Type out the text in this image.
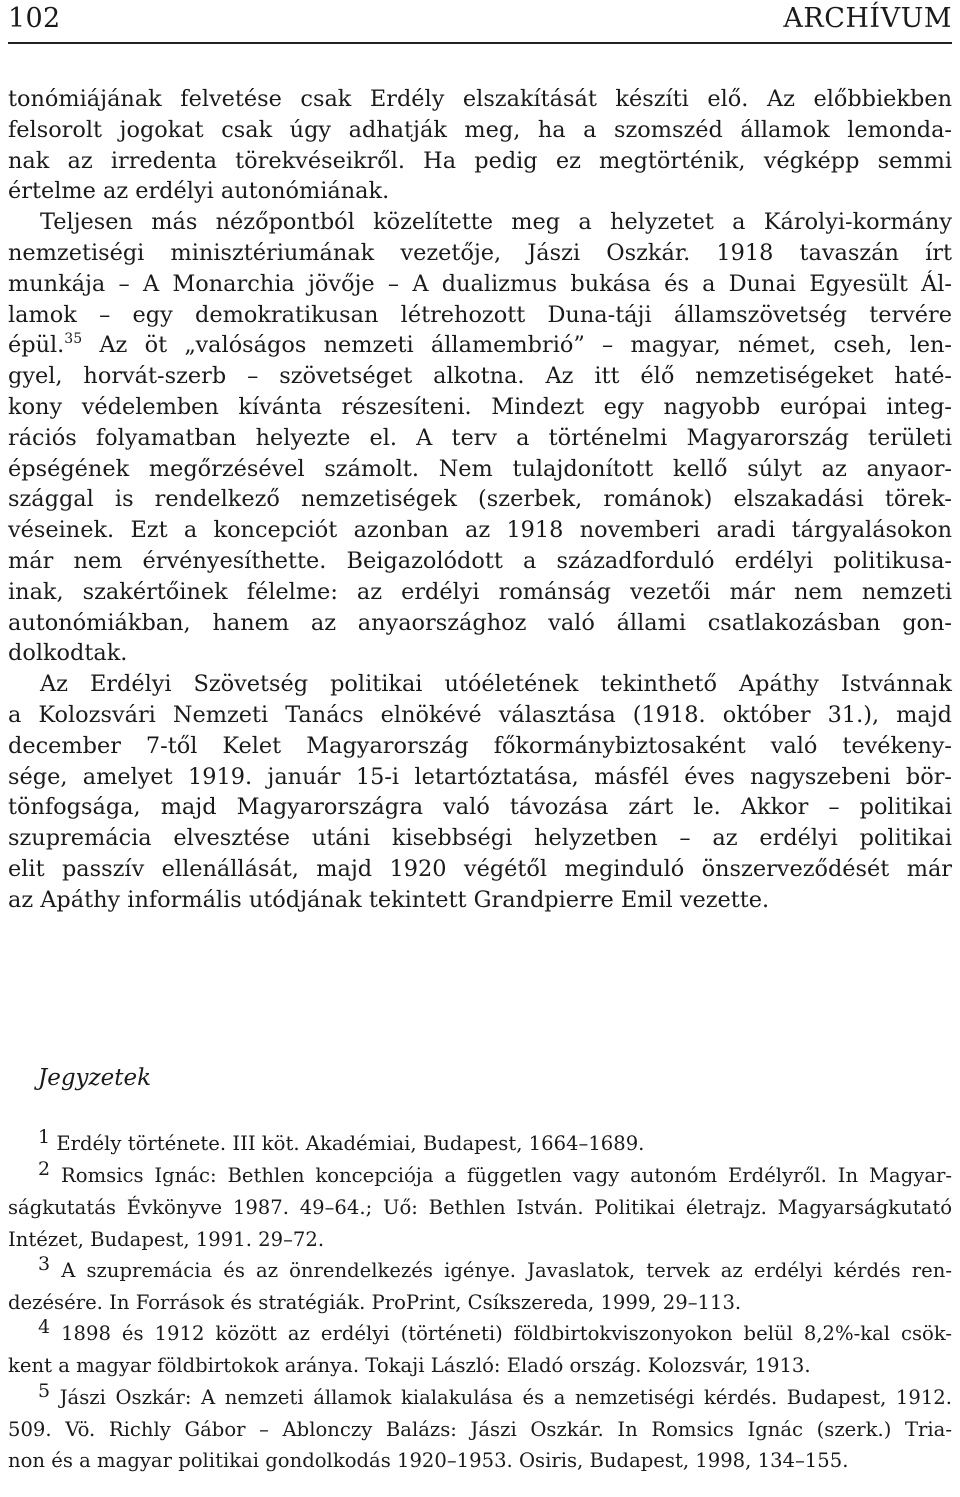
102	ARCHÍVUM
tonómiájának felvetése csak Erdély elszakítását készíti elő. Az előbbiekben
felsorolt jogokat csak úgy adhatják meg, ha a szomszéd államok lemonda-
nak az irredenta törekvéseikről. Ha pedig ez megtörténik, végképp semmi
értelme az erdélyi autonómiának.
Teljesen más nézőpontból közelítette meg a helyzetet a Károlyi-kormány
nemzetiségi minisztériumának vezetője, Jászi Oszkár. 1918 tavaszán írt
munkája – A Monarchia jövője – A dualizmus bukása és a Dunai Egyesült Ál-
lamok – egy demokratikusan létrehozott Duna-táji államszövetség tervére
épül.$^{35}$ Az öt „valóságos nemzeti államembrió” – magyar, német, cseh, len-
gyel, horvát-szerb – szövetséget alkotna. Az itt élő nemzetiségeket haté-
kony védelemben kívánta részesíteni. Mindezt egy nagyobb európai integ-
rációs folyamatban helyezte el. A terv a történelmi Magyarország területi
épségének megőrzésével számolt. Nem tulajdonított kellő súlyt az anyaor-
szággal is rendelkező nemzetiségek (szerbek, románok) elszakadási törek-
véseinek. Ezt a koncepciót azonban az 1918 novemberi aradi tárgyalásokon
már nem érvényesíthette. Beigazolódott a századforduló erdélyi politikusa-
inak, szakértőinek félelme: az erdélyi románság vezetői már nem nemzeti
autonómiákban, hanem az anyaországhoz való állami csatlakozásban gon-
dolkodtak.
Az Erdélyi Szövetség politikai utóéletének tekinthető Apáthy Istvánnak
a Kolozsvári Nemzeti Tanács elnökévé választása (1918. október 31.), majd
december 7-től Kelet Magyarország főkormánybiztosaként való tevékeny-
sége, amelyet 1919. január 15-i letartóztatása, másfél éves nagyszebeni bör-
tönfogsága, majd Magyarországra való távozása zárt le. Akkor – politikai
szupremácia elvesztése utáni kisebbségi helyzetben – az erdélyi politikai
elit passzív ellenállását, majd 1920 végétől meginduló önszerveződését már
az Apáthy informális utódjának tekintett Grandpierre Emil vezette.
Jegyzetek
1 Erdély története. III köt. Akadémiai, Budapest, 1664–1689.
2 Romsics Ignác: Bethlen koncepciója a független vagy autonóm Erdélyről. In Magyar-
ságkutatás Évkönyve 1987. 49–64.; Uő: Bethlen István. Politikai életrajz. Magyarságkutató
Intézet, Budapest, 1991. 29–72.
3 A szupremácia és az önrendelkezés igénye. Javaslatok, tervek az erdélyi kérdés ren-
dezésére. In Források és stratégiák. ProPrint, Csíkszereda, 1999, 29–113.
4 1898 és 1912 között az erdélyi (történeti) földbirtokviszonyokon belül 8,2%-kal csök-
kent a magyar földbirtokok aránya. Tokaji László: Eladó ország. Kolozsvár, 1913.
5 Jászi Oszkár: A nemzeti államok kialakulása és a nemzetiségi kérdés. Budapest, 1912.
509. Vö. Richly Gábor – Ablonczy Balázs: Jászi Oszkár. In Romsics Ignác (szerk.) Tria-
non és a magyar politikai gondolkodás 1920–1953. Osiris, Budapest, 1998, 134–155.
